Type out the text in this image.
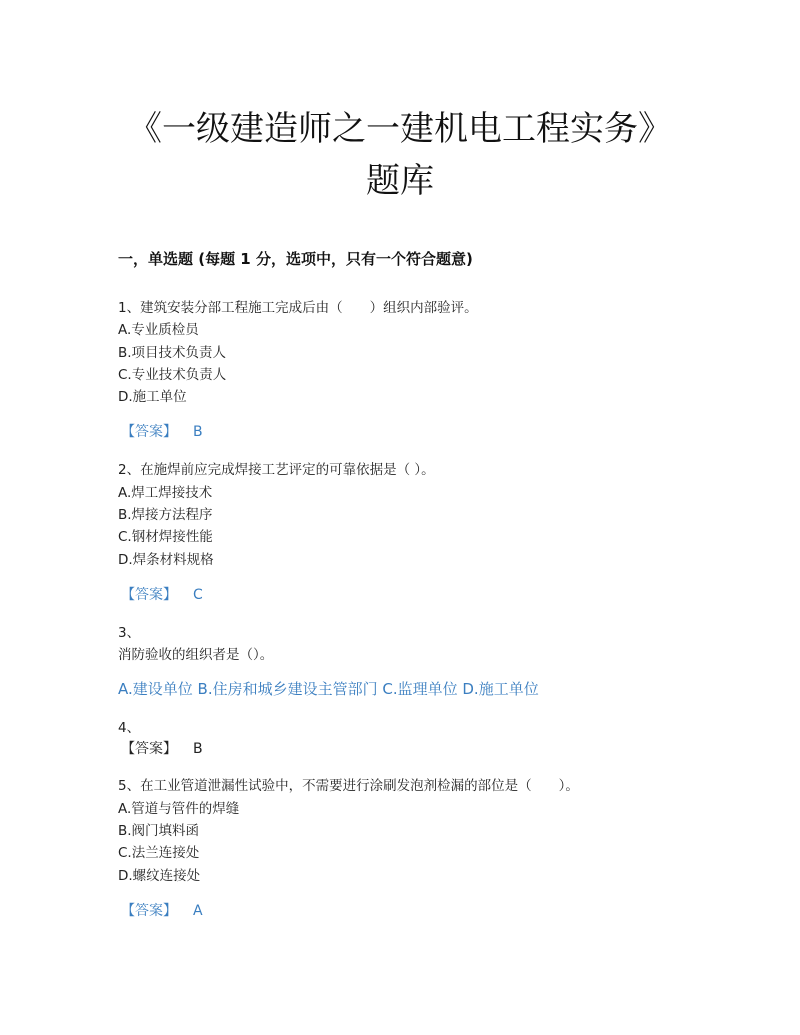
《一级建造师之一建机电工程实务》
题库
一，单选题 (每题 1 分，选项中，只有一个符合题意)
1、建筑安装分部工程施工完成后由（　　）组织内部验评。
A.专业质检员
B.项目技术负责人
C.专业技术负责人
D.施工单位
【答案】 B
2、在施焊前应完成焊接工艺评定的可靠依据是（ ）。
A.焊工焊接技术
B.焊接方法程序
C.钢材焊接性能
D.焊条材料规格
【答案】 C
3、
消防验收的组织者是（）。
A.建设单位 B.住房和城乡建设主管部门 C.监理单位 D.施工单位
4、
【答案】 B
5、在工业管道泄漏性试验中，不需要进行涂刷发泡剂检漏的部位是（　　）。
A.管道与管件的焊缝
B.阀门填料函
C.法兰连接处
D.螺纹连接处
【答案】 A
